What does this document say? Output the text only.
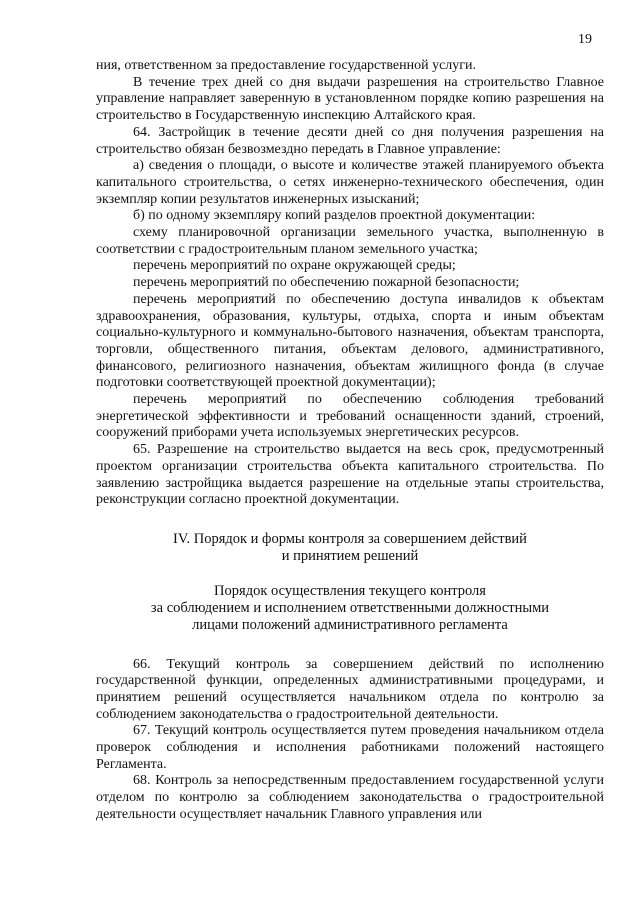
19

ния, ответственном за предоставление государственной услуги.

В течение трех дней со дня выдачи разрешения на строительство Главное управление направляет заверенную в установленном порядке копию разрешения на строительство в Государственную инспекцию Алтайского края.

64. Застройщик в течение десяти дней со дня получения разрешения на строительство обязан безвозмездно передать в Главное управление:

а) сведения о площади, о высоте и количестве этажей планируемого объекта капитального строительства, о сетях инженерно-технического обеспечения, один экземпляр копии результатов инженерных изысканий;

б) по одному экземпляру копий разделов проектной документации:

схему планировочной организации земельного участка, выполненную в соответствии с градостроительным планом земельного участка;

перечень мероприятий по охране окружающей среды;

перечень мероприятий по обеспечению пожарной безопасности;

перечень мероприятий по обеспечению доступа инвалидов к объектам здравоохранения, образования, культуры, отдыха, спорта и иным объектам социально-культурного и коммунально-бытового назначения, объектам транспорта, торговли, общественного питания, объектам делового, административного, финансового, религиозного назначения, объектам жилищного фонда (в случае подготовки соответствующей проектной документации);

перечень мероприятий по обеспечению соблюдения требований энергетической эффективности и требований оснащенности зданий, строений, сооружений приборами учета используемых энергетических ресурсов.

65. Разрешение на строительство выдается на весь срок, предусмотренный проектом организации строительства объекта капитального строительства. По заявлению застройщика выдается разрешение на отдельные этапы строительства, реконструкции согласно проектной документации.

IV. Порядок и формы контроля за совершением действий
и принятием решений

Порядок осуществления текущего контроля
за соблюдением и исполнением ответственными должностными
лицами положений административного регламента

66. Текущий контроль за совершением действий по исполнению государственной функции, определенных административными процедурами, и принятием решений осуществляется начальником отдела по контролю за соблюдением законодательства о градостроительной деятельности.

67. Текущий контроль осуществляется путем проведения начальником отдела проверок соблюдения и исполнения работниками положений настоящего Регламента.

68. Контроль за непосредственным предоставлением государственной услуги отделом по контролю за соблюдением законодательства о градостроительной деятельности осуществляет начальник Главного управления или
